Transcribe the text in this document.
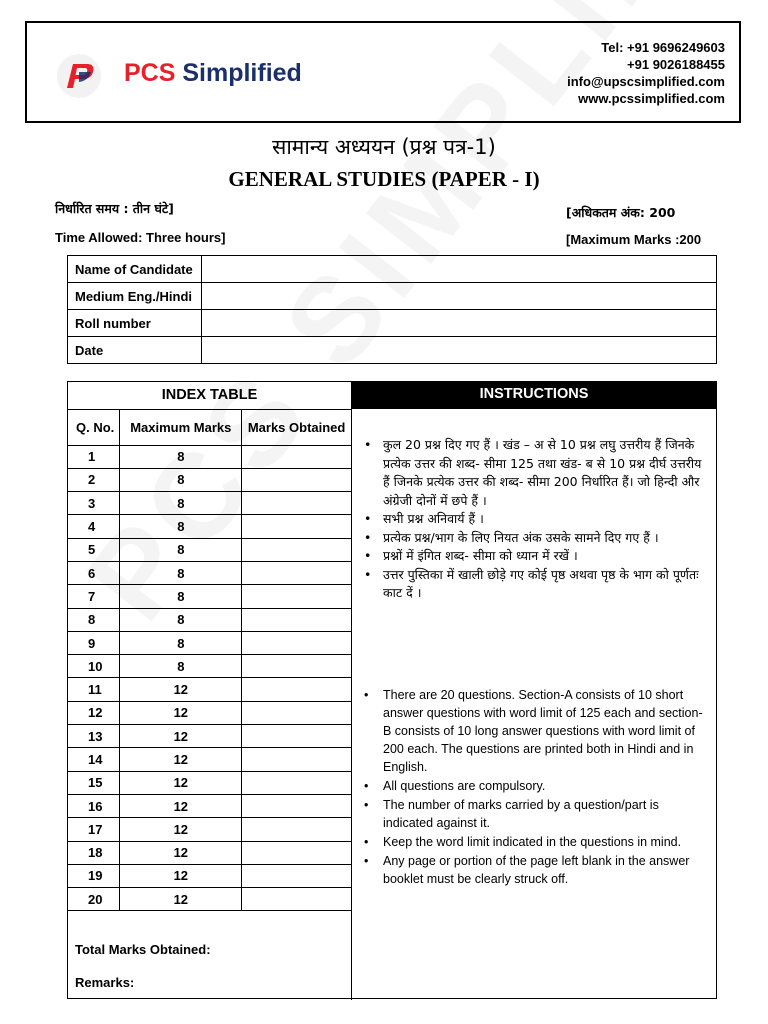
PCS Simplified
Tel: +91 9696249603
+91 9026188455
info@upscsimplified.com
www.pcssimplified.com
सामान्य अध्ययन (प्रश्न पत्र-1)
GENERAL STUDIES (PAPER - I)
निर्धारित समय : तीन घंटे]
Time Allowed: Three hours]
[अधिकतम अंक: 200
[Maximum Marks :200
Name of Candidate	
Medium Eng./Hindi	
Roll number	
Date	
INDEX TABLE		
Q. No.	Maximum Marks	Marks Obtained
1	8	
2	8	
3	8	
4	8	
5	8	
6	8	
7	8	
8	8	
9	8	
10	8	
11	12	
12	12	
13	12	
14	12	
15	12	
16	12	
17	12	
18	12	
19	12	
20	12	
Total Marks Obtained:
Remarks:
INSTRUCTIONS
• कुल 20 प्रश्न दिए गए हैं । खंड – अ से 10 प्रश्न लघु उत्तरीय हैं जिनके प्रत्येक उत्तर की शब्द- सीमा 125 तथा खंड- ब से 10 प्रश्न दीर्घ उत्तरीय हैं जिनके प्रत्येक उत्तर की शब्द- सीमा 200 निर्धारित हैं। जो हिन्दी और अंग्रेजी दोनों में छपे हैं ।
• सभी प्रश्न अनिवार्य हैं ।
• प्रत्येक प्रश्न/भाग के लिए नियत अंक उसके सामने दिए गए हैं ।
• प्रश्नों में इंगित शब्द- सीमा को ध्यान में रखें ।
• उत्तर पुस्तिका में खाली छोड़े गए कोई पृष्ठ अथवा पृष्ठ के भाग को पूर्णतः काट दें ।
• There are 20 questions. Section-A consists of 10 short answer questions with word limit of 125 each and section-B consists of 10 long answer questions with word limit of 200 each. The questions are printed both in Hindi and in English.
• All questions are compulsory.
• The number of marks carried by a question/part is indicated against it.
• Keep the word limit indicated in the questions in mind.
• Any page or portion of the page left blank in the answer booklet must be clearly struck off.
